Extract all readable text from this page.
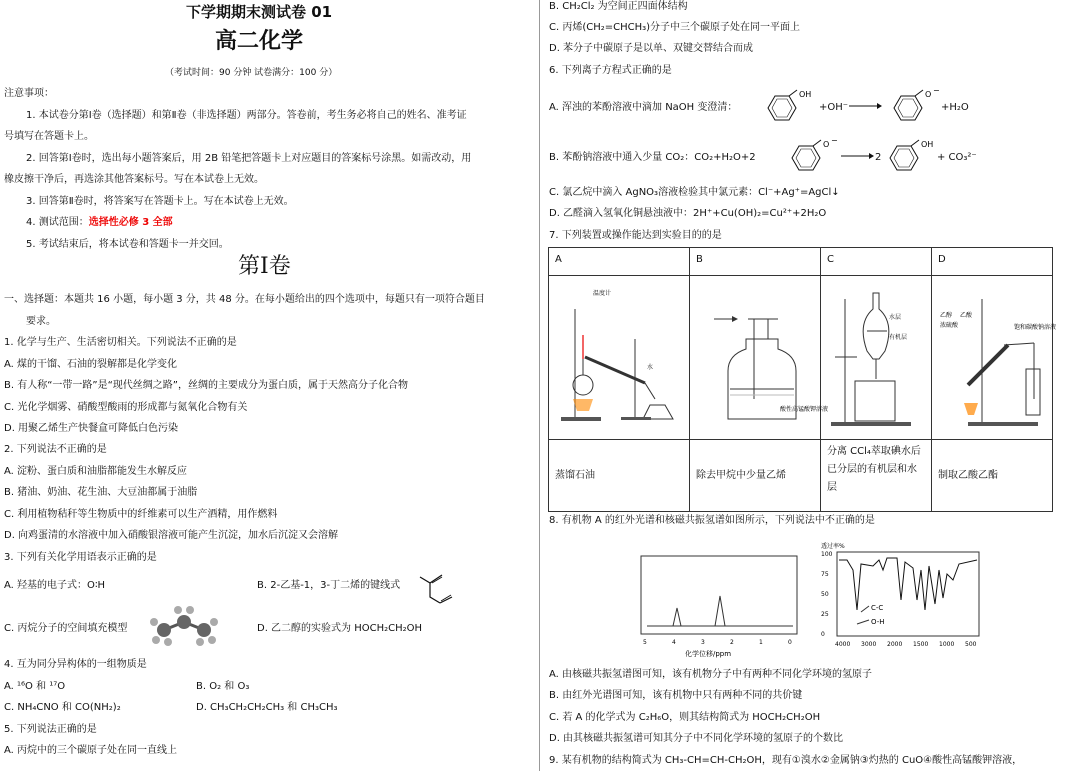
下学期期末测试卷 01
高二化学
（考试时间：90 分钟 试卷满分：100 分）
注意事项：
1. 本试卷分第Ⅰ卷（选择题）和第Ⅱ卷（非选择题）两部分。答卷前，考生务必将自己的姓名、准考证
号填写在答题卡上。
2. 回答第Ⅰ卷时，选出每小题答案后，用 2B 铅笔把答题卡上对应题目的答案标号涂黑。如需改动，用
橡皮擦干净后，再选涂其他答案标号。写在本试卷上无效。
3. 回答第Ⅱ卷时，将答案写在答题卡上。写在本试卷上无效。
4. 测试范围：选择性必修 3 全部
5. 考试结束后，将本试卷和答题卡一并交回。
第Ⅰ卷
一、选择题：本题共 16 小题，每小题 3 分，共 48 分。在每小题给出的四个选项中，每题只有一项符合题目
要求。
1. 化学与生产、生活密切相关。下列说法不正确的是
A. 煤的干馏、石油的裂解都是化学变化
B. 有人称“一带一路”是“现代丝绸之路”，丝绸的主要成分为蛋白质，属于天然高分子化合物
C. 光化学烟雾、硝酸型酸雨的形成都与氮氧化合物有关
D. 用聚乙烯生产快餐盒可降低白色污染
2. 下列说法不正确的是
A. 淀粉、蛋白质和油脂都能发生水解反应
B. 猪油、奶油、花生油、大豆油都属于油脂
C. 利用植物秸秆等生物质中的纤维素可以生产酒精，用作燃料
D. 向鸡蛋清的水溶液中加入硝酸银溶液可能产生沉淀，加水后沉淀又会溶解
3. 下列有关化学用语表示正确的是
A. 羟基的电子式：O∶H	B. 2-乙基-1，3-丁二烯的键线式
C. 丙烷分子的空间填充模型	D. 乙二醇的实验式为 HOCH₂CH₂OH
4. 互为同分异构体的一组物质是
A. ¹⁶O 和 ¹⁷O	B. O₂ 和 O₃
C. NH₄CNO 和 CO(NH₂)₂	D. CH₃CH₂CH₂CH₃ 和 CH₃CH₃
5. 下列说法正确的是
A. 丙烷中的三个碳原子处在同一直线上
B. CH₂Cl₂ 为空间正四面体结构
C. 丙烯(CH₂=CHCH₃)分子中三个碳原子处在同一平面上
D. 苯分子中碳原子是以单、双键交替结合而成
6. 下列离子方程式正确的是
A. 浑浊的苯酚溶液中滴加 NaOH 变澄清：
OH
+OH⁻
O −
+H₂O
B. 苯酚钠溶液中通入少量 CO₂：CO₂+H₂O+2
O −
→ 2
OH
+ CO₃²⁻
C. 氯乙烷中滴入 AgNO₃溶液检验其中氯元素：Cl⁻+Ag⁺=AgCl↓
D. 乙醛滴入氢氧化铜悬浊液中：2H⁺+Cu(OH)₂=Cu²⁺+2H₂O
7. 下列装置或操作能达到实验目的的是
A	B	C	D

温度计
水	酸性高锰酸钾溶液	水层
有机层	乙醇 乙酸
浓硫酸 饱和碳酸钠溶液

蒸馏石油	除去甲烷中少量乙烯	分离 CCl₄萃取碘水后已分层的有机层和水层	制取乙酸乙酯
8. 有机物 A 的红外光谱和核磁共振氢谱如图所示，下列说法中不正确的是
5	4	3	2	1	0
化学位移/ppm
透过率%
100
75
50
25
0
4000 3000 2000 1500 1000 500
C-C
O-H
A. 由核磁共振氢谱图可知，该有机物分子中有两种不同化学环境的氢原子
B. 由红外光谱图可知，该有机物中只有两种不同的共价键
C. 若 A 的化学式为 C₂H₆O，则其结构简式为 HOCH₂CH₂OH
D. 由其核磁共振氢谱可知其分子中不同化学环境的氢原子的个数比
9. 某有机物的结构简式为 CH₃-CH=CH-CH₂OH，现有①溴水②金属钠③灼热的 CuO④酸性高锰酸钾溶液，
